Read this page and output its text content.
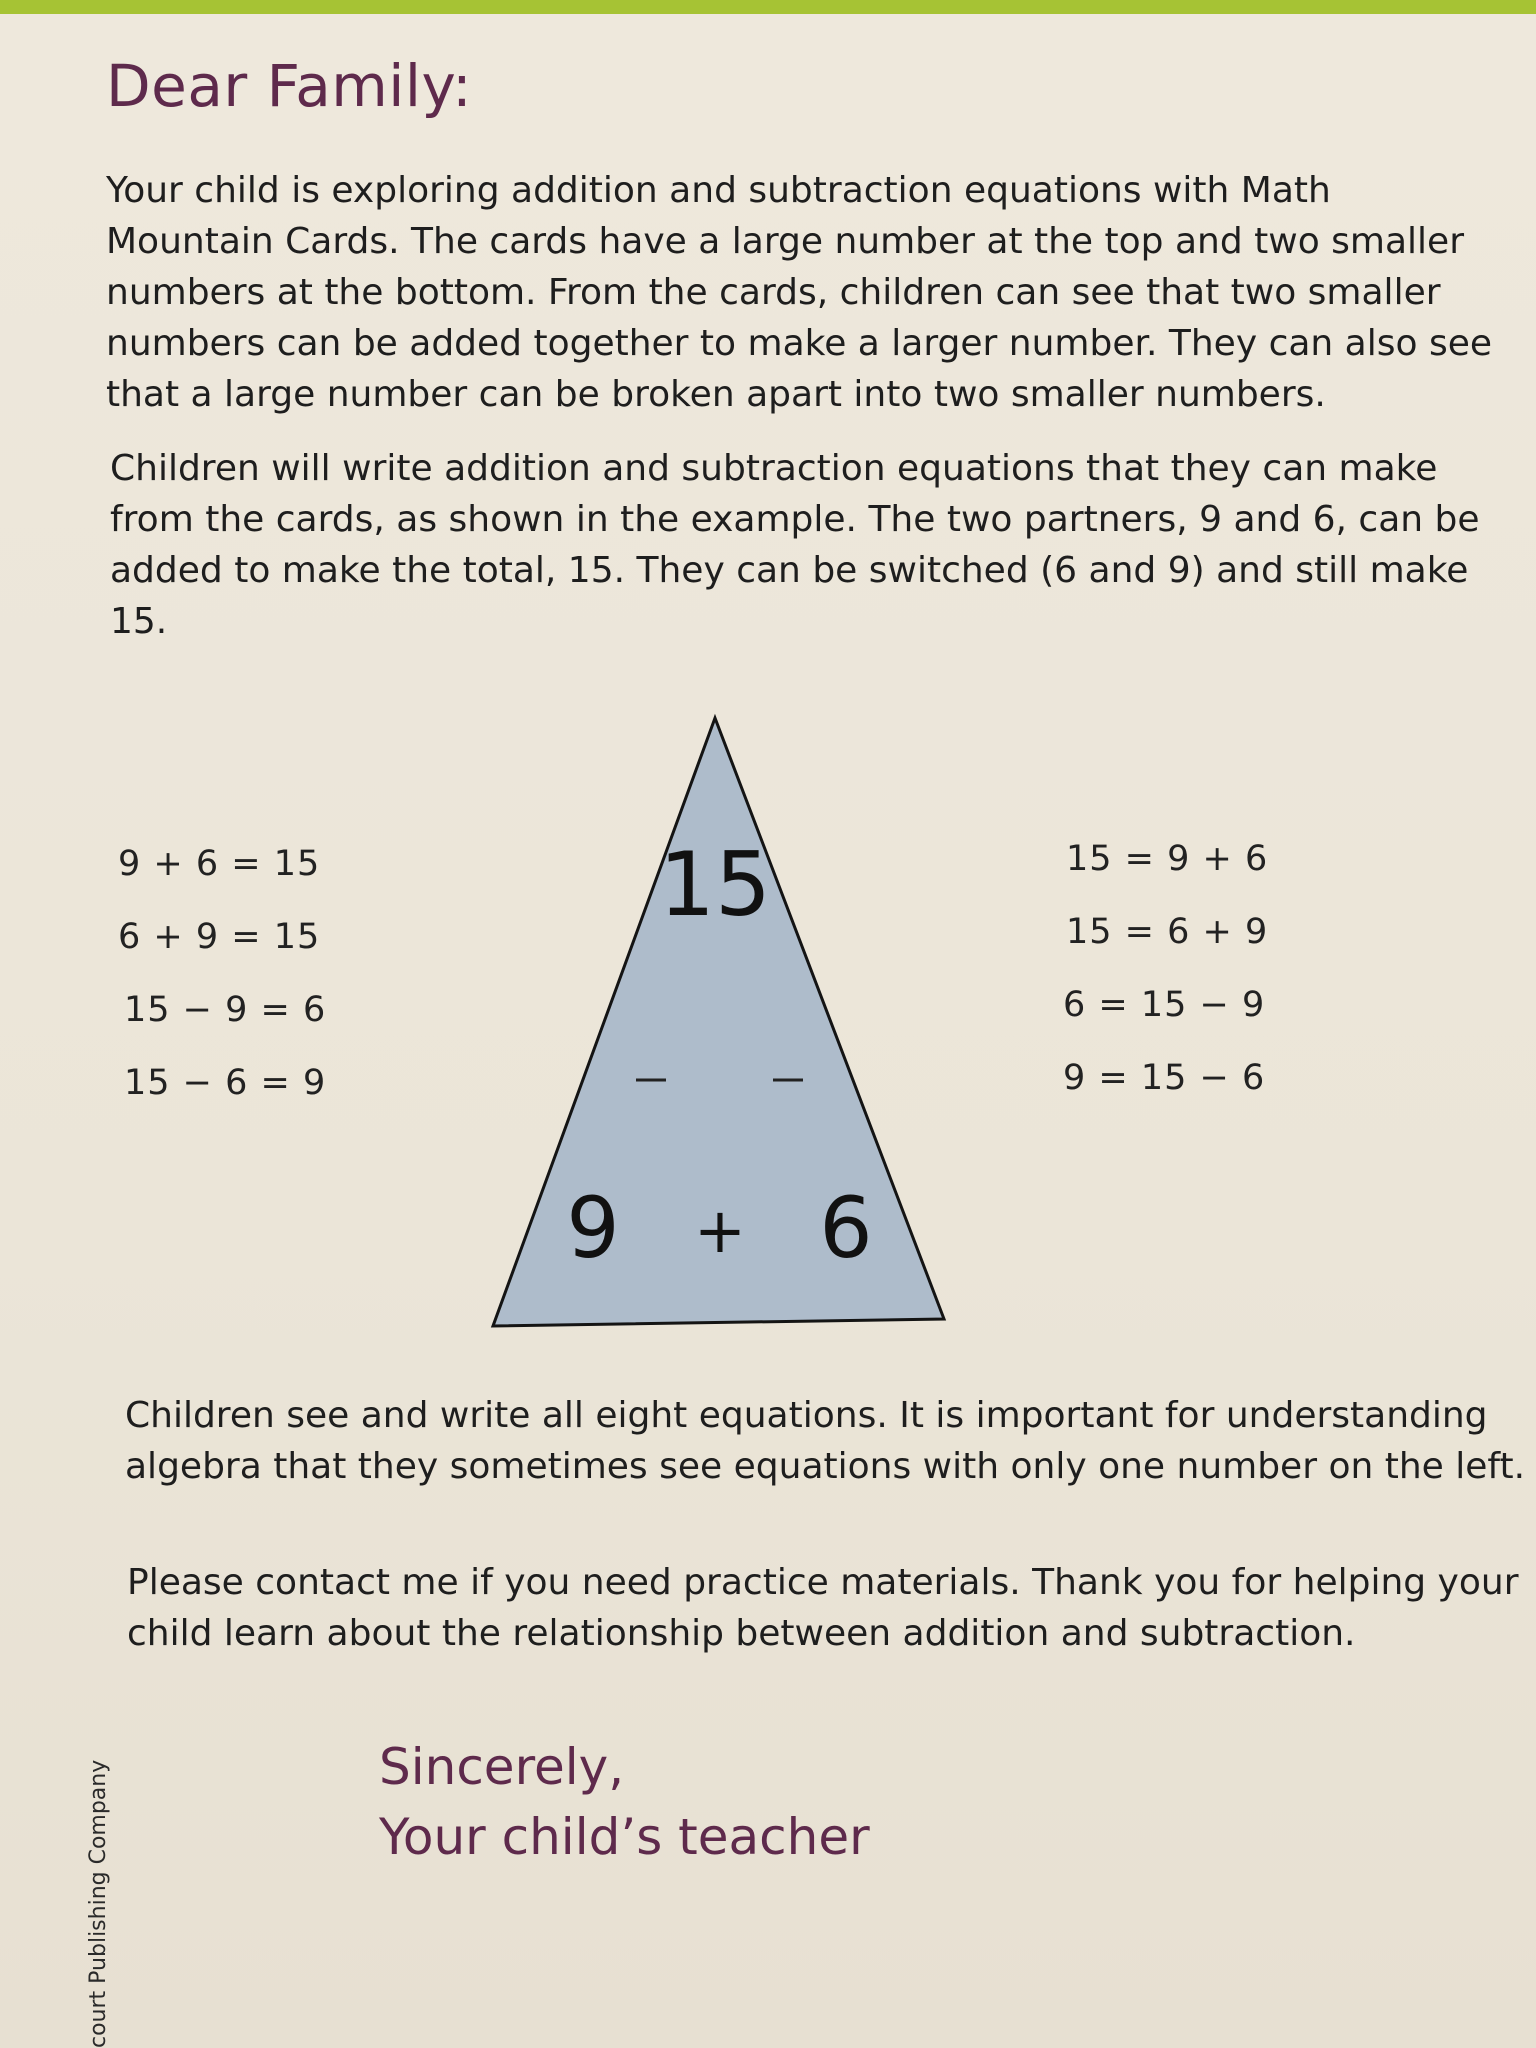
Dear Family:

Your child is exploring addition and subtraction equations with Math Mountain Cards. The cards have a large number at the top and two smaller numbers at the bottom. From the cards, children can see that two smaller numbers can be added together to make a larger number. They can also see that a large number can be broken apart into two smaller numbers.

Children will write addition and subtraction equations that they can make from the cards, as shown in the example. The two partners, 9 and 6, can be added to make the total, 15. They can be switched (6 and 9) and still make 15.

9 + 6 = 15

6 + 9 = 15

15 − 9 = 6

15 − 6 = 9

15
9 + 6

15 = 9 + 6

15 = 6 + 9

6 = 15 − 9

9 = 15 − 6

Children see and write all eight equations. It is important for understanding algebra that they sometimes see equations with only one number on the left.

Please contact me if you need practice materials. Thank you for helping your child learn about the relationship between addition and subtraction.

Sincerely,

Your child’s teacher

court Publishing Company
